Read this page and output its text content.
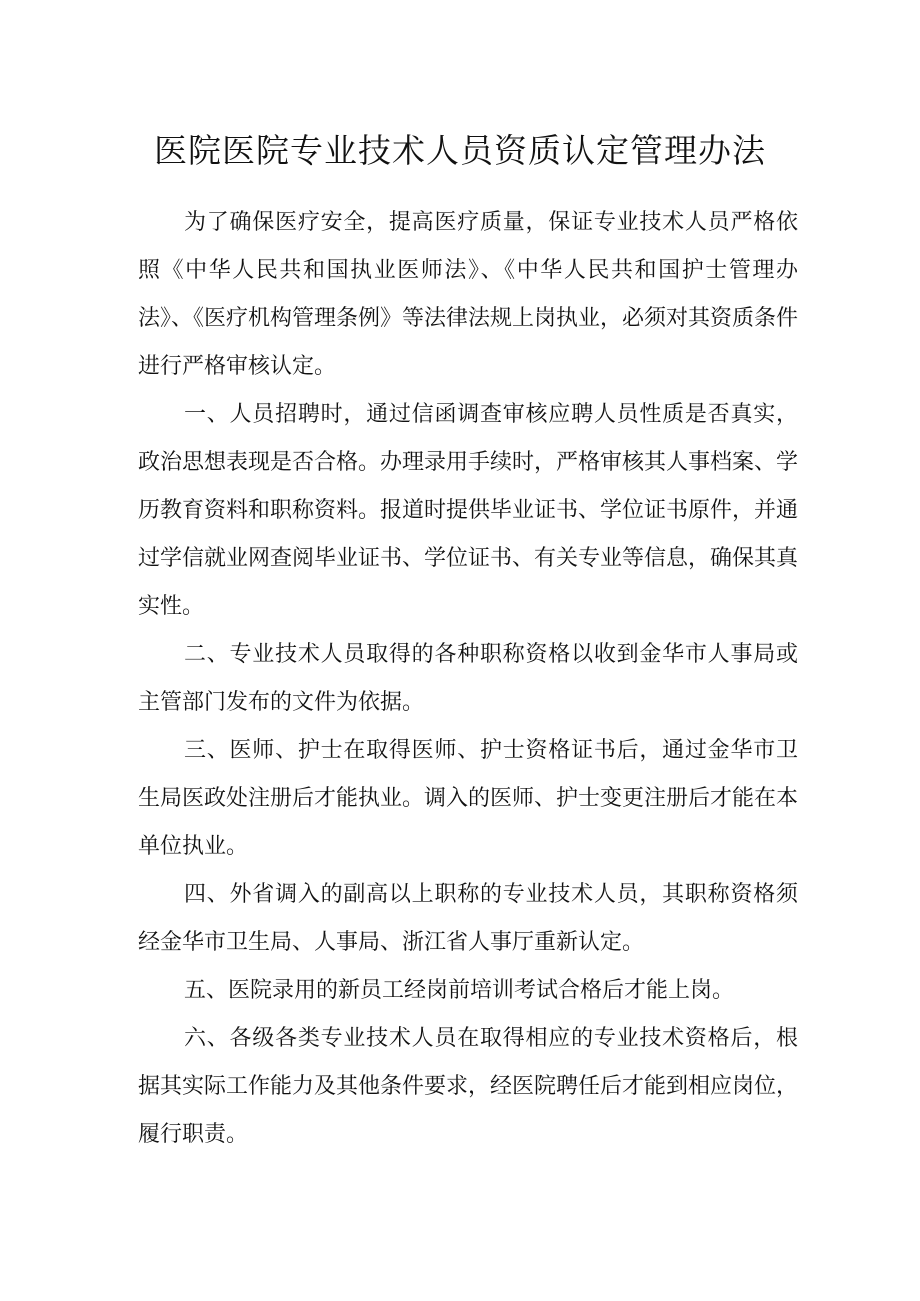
医院医院专业技术人员资质认定管理办法

为了确保医疗安全，提高医疗质量，保证专业技术人员严格依照《中华人民共和国执业医师法》、《中华人民共和国护士管理办法》、《医疗机构管理条例》等法律法规上岗执业，必须对其资质条件进行严格审核认定。

一、人员招聘时，通过信函调查审核应聘人员性质是否真实，政治思想表现是否合格。办理录用手续时，严格审核其人事档案、学历教育资料和职称资料。报道时提供毕业证书、学位证书原件，并通过学信就业网查阅毕业证书、学位证书、有关专业等信息，确保其真实性。

二、专业技术人员取得的各种职称资格以收到金华市人事局或主管部门发布的文件为依据。

三、医师、护士在取得医师、护士资格证书后，通过金华市卫生局医政处注册后才能执业。调入的医师、护士变更注册后才能在本单位执业。

四、外省调入的副高以上职称的专业技术人员，其职称资格须经金华市卫生局、人事局、浙江省人事厅重新认定。

五、医院录用的新员工经岗前培训考试合格后才能上岗。

六、各级各类专业技术人员在取得相应的专业技术资格后，根据其实际工作能力及其他条件要求，经医院聘任后才能到相应岗位，履行职责。
